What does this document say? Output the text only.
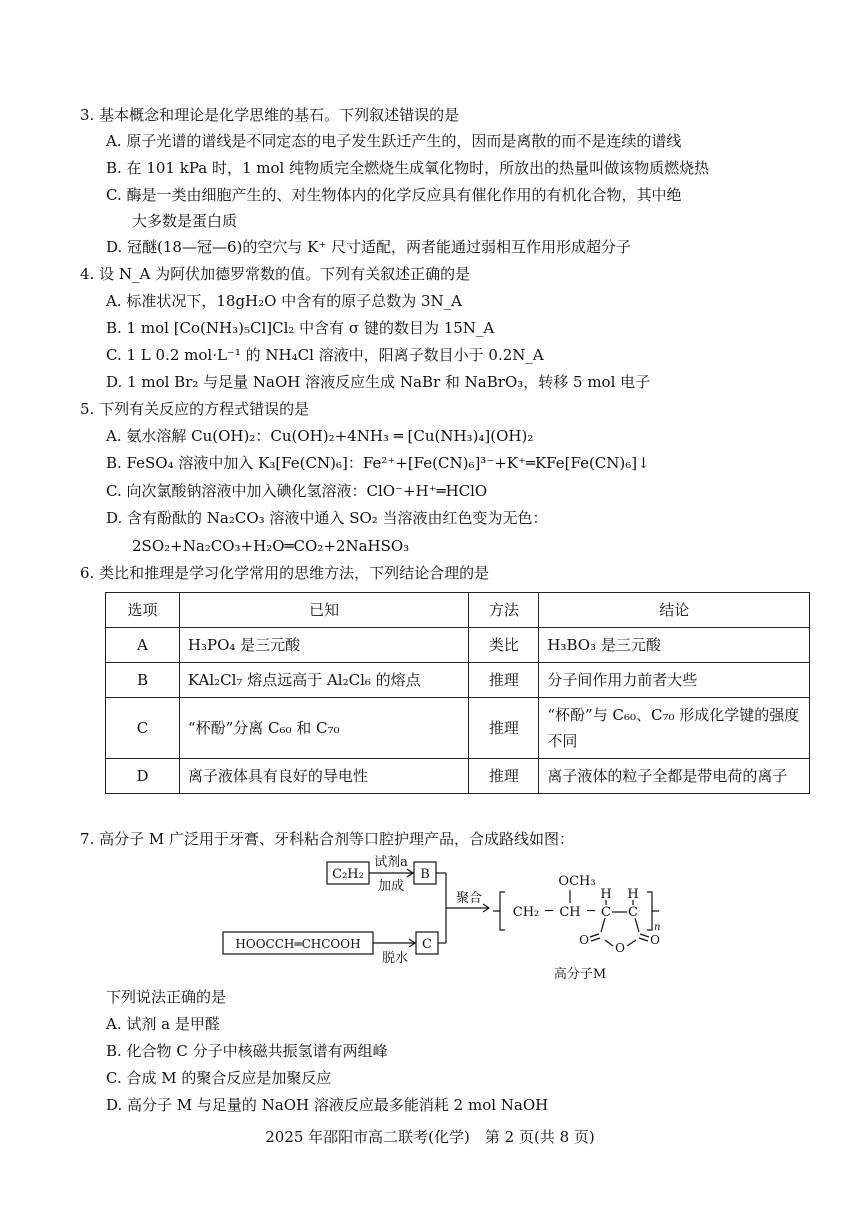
3. 基本概念和理论是化学思维的基石。下列叙述错误的是
A. 原子光谱的谱线是不同定态的电子发生跃迁产生的，因而是离散的而不是连续的谱线
B. 在 101 kPa 时，1 mol 纯物质完全燃烧生成氧化物时，所放出的热量叫做该物质燃烧热
C. 酶是一类由细胞产生的、对生物体内的化学反应具有催化作用的有机化合物，其中绝
大多数是蛋白质
D. 冠醚(18—冠—6)的空穴与 K⁺ 尺寸适配，两者能通过弱相互作用形成超分子
4. 设 N_A 为阿伏加德罗常数的值。下列有关叙述正确的是
A. 标准状况下，18gH₂O 中含有的原子总数为 3N_A
B. 1 mol [Co(NH₃)₅Cl]Cl₂ 中含有 σ 键的数目为 15N_A
C. 1 L 0.2 mol·L⁻¹ 的 NH₄Cl 溶液中，阳离子数目小于 0.2N_A
D. 1 mol Br₂ 与足量 NaOH 溶液反应生成 NaBr 和 NaBrO₃，转移 5 mol 电子
5. 下列有关反应的方程式错误的是
A. 氨水溶解 Cu(OH)₂：Cu(OH)₂+4NH₃ ═ [Cu(NH₃)₄](OH)₂
B. FeSO₄ 溶液中加入 K₃[Fe(CN)₆]：Fe²⁺+[Fe(CN)₆]³⁻+K⁺═KFe[Fe(CN)₆]↓
C. 向次氯酸钠溶液中加入碘化氢溶液：ClO⁻+H⁺═HClO
D. 含有酚酞的 Na₂CO₃ 溶液中通入 SO₂ 当溶液由红色变为无色：
2SO₂+Na₂CO₃+H₂O═CO₂+2NaHSO₃
6. 类比和推理是学习化学常用的思维方法，下列结论合理的是
选项	已知	方法	结论
A	H₃PO₄ 是三元酸	类比	H₃BO₃ 是三元酸
B	KAl₂Cl₇ 熔点远高于 Al₂Cl₆ 的熔点	推理	分子间作用力前者大些
C	“杯酚”分离 C₆₀ 和 C₇₀	推理	“杯酚”与 C₆₀、C₇₀ 形成化学键的强度不同
D	离子液体具有良好的导电性	推理	离子液体的粒子全都是带电荷的离子
7. 高分子 M 广泛用于牙膏、牙科粘合剂等口腔护理产品，合成路线如图：
C₂H₂
试剂a
加成
B
HOOCCH═CHCOOH
脱水
C
聚合
OCH₃
CH₂ ─ CH ─
H H
C C
O
O
O
n
高分子M
下列说法正确的是
A. 试剂 a 是甲醛
B. 化合物 C 分子中核磁共振氢谱有两组峰
C. 合成 M 的聚合反应是加聚反应
D. 高分子 M 与足量的 NaOH 溶液反应最多能消耗 2 mol NaOH
2025 年邵阳市高二联考(化学)　第 2 页(共 8 页)
